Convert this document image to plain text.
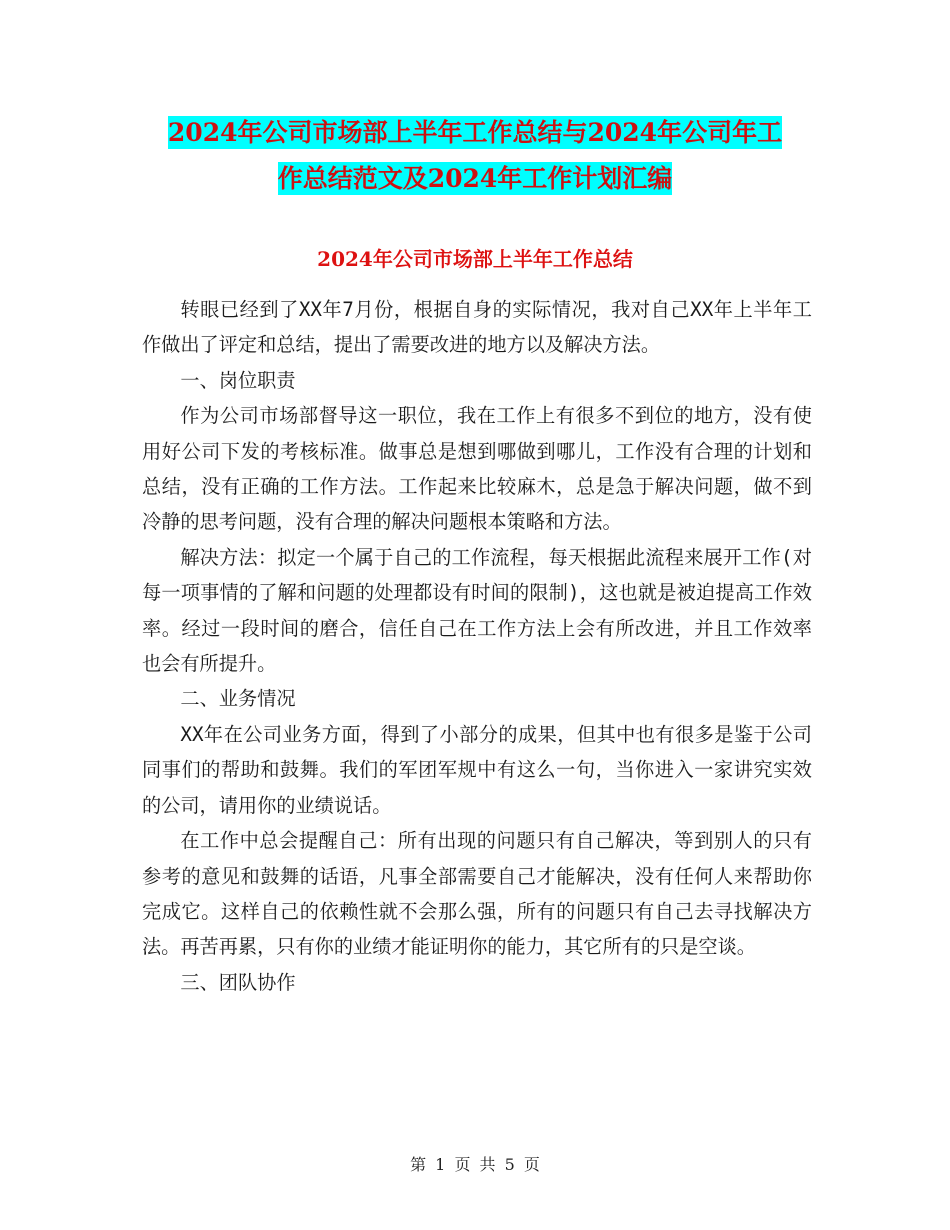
2024年公司市场部上半年工作总结与2024年公司年工
作总结范文及2024年工作计划汇编
2024年公司市场部上半年工作总结

转眼已经到了XX年7月份，根据自身的实际情况，我对自己XX年上半年工作做出了评定和总结，提出了需要改进的地方以及解决方法。

一、岗位职责

作为公司市场部督导这一职位，我在工作上有很多不到位的地方，没有使用好公司下发的考核标准。做事总是想到哪做到哪儿，工作没有合理的计划和总结，没有正确的工作方法。工作起来比较麻木，总是急于解决问题，做不到冷静的思考问题，没有合理的解决问题根本策略和方法。

解决方法：拟定一个属于自己的工作流程，每天根据此流程来展开工作(对每一项事情的了解和问题的处理都设有时间的限制)，这也就是被迫提高工作效率。经过一段时间的磨合，信任自己在工作方法上会有所改进，并且工作效率也会有所提升。

二、业务情况

XX年在公司业务方面，得到了小部分的成果，但其中也有很多是鉴于公司同事们的帮助和鼓舞。我们的军团军规中有这么一句，当你进入一家讲究实效的公司，请用你的业绩说话。

在工作中总会提醒自己：所有出现的问题只有自己解决，等到别人的只有参考的意见和鼓舞的话语，凡事全部需要自己才能解决，没有任何人来帮助你完成它。这样自己的依赖性就不会那么强，所有的问题只有自己去寻找解决方法。再苦再累，只有你的业绩才能证明你的能力，其它所有的只是空谈。

三、团队协作

第 1 页 共 5 页
